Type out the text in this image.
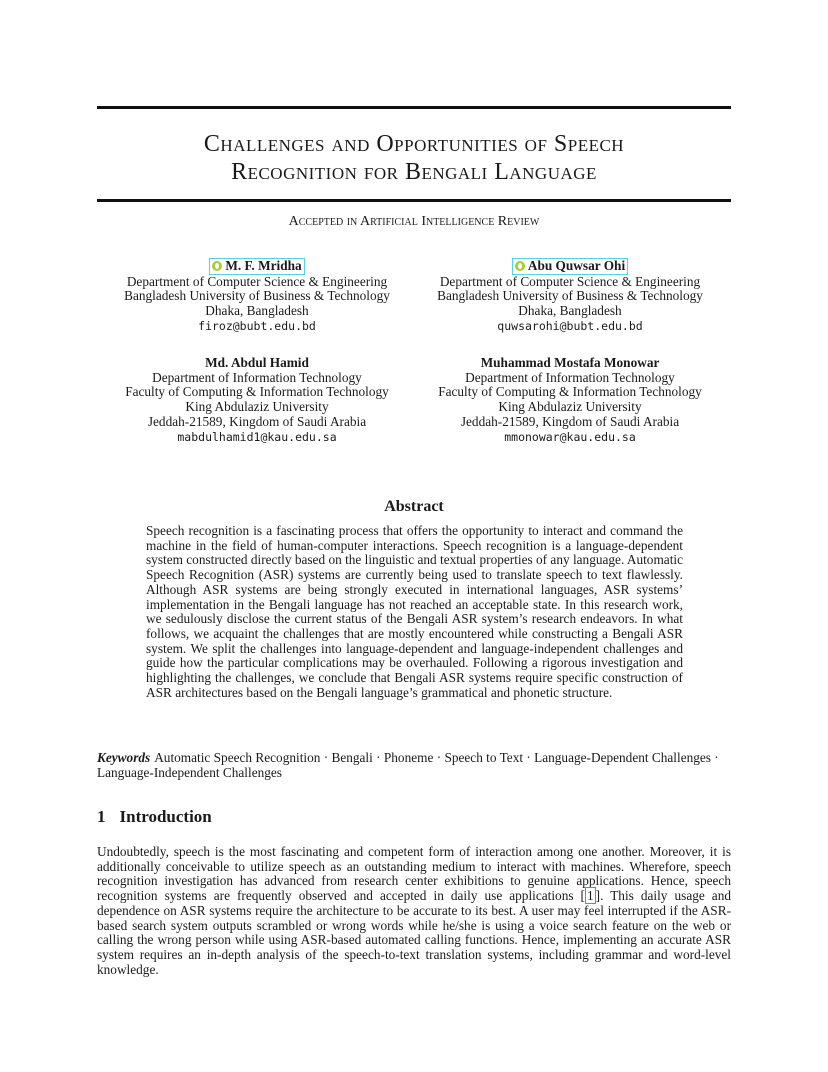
Challenges and Opportunities of Speech
Recognition for Bengali Language
Accepted in Artificial Intelligence Review
M. F. Mridha
Department of Computer Science & Engineering
Bangladesh University of Business & Technology
Dhaka, Bangladesh
firoz@bubt.edu.bd
Abu Quwsar Ohi
Department of Computer Science & Engineering
Bangladesh University of Business & Technology
Dhaka, Bangladesh
quwsarohi@bubt.edu.bd
Md. Abdul Hamid
Department of Information Technology
Faculty of Computing & Information Technology
King Abdulaziz University
Jeddah-21589, Kingdom of Saudi Arabia
mabdulhamid1@kau.edu.sa
Muhammad Mostafa Monowar
Department of Information Technology
Faculty of Computing & Information Technology
King Abdulaziz University
Jeddah-21589, Kingdom of Saudi Arabia
mmonowar@kau.edu.sa
Abstract
Speech recognition is a fascinating process that offers the opportunity to interact and command the machine in the field of human-computer interactions. Speech recognition is a language-dependent system constructed directly based on the linguistic and textual properties of any language. Automatic Speech Recognition (ASR) systems are currently being used to translate speech to text flawlessly. Although ASR systems are being strongly executed in international languages, ASR systems’ implementation in the Bengali language has not reached an acceptable state. In this research work, we sedulously disclose the current status of the Bengali ASR system’s research endeavors. In what follows, we acquaint the challenges that are mostly encountered while constructing a Bengali ASR system. We split the challenges into language-dependent and language-independent challenges and guide how the particular complications may be overhauled. Following a rigorous investigation and highlighting the challenges, we conclude that Bengali ASR systems require specific construction of ASR architectures based on the Bengali language’s grammatical and phonetic structure.
Keywords Automatic Speech Recognition · Bengali · Phoneme · Speech to Text · Language-Dependent Challenges · Language-Independent Challenges
1 Introduction
Undoubtedly, speech is the most fascinating and competent form of interaction among one another. Moreover, it is additionally conceivable to utilize speech as an outstanding medium to interact with machines. Wherefore, speech recognition investigation has advanced from research center exhibitions to genuine applications. Hence, speech recognition systems are frequently observed and accepted in daily use applications [ 1 ]. This daily usage and dependence on ASR systems require the architecture to be accurate to its best. A user may feel interrupted if the ASR-based search system outputs scrambled or wrong words while he/she is using a voice search feature on the web or calling the wrong person while using ASR-based automated calling functions. Hence, implementing an accurate ASR system requires an in-depth analysis of the speech-to-text translation systems, including grammar and word-level knowledge.
